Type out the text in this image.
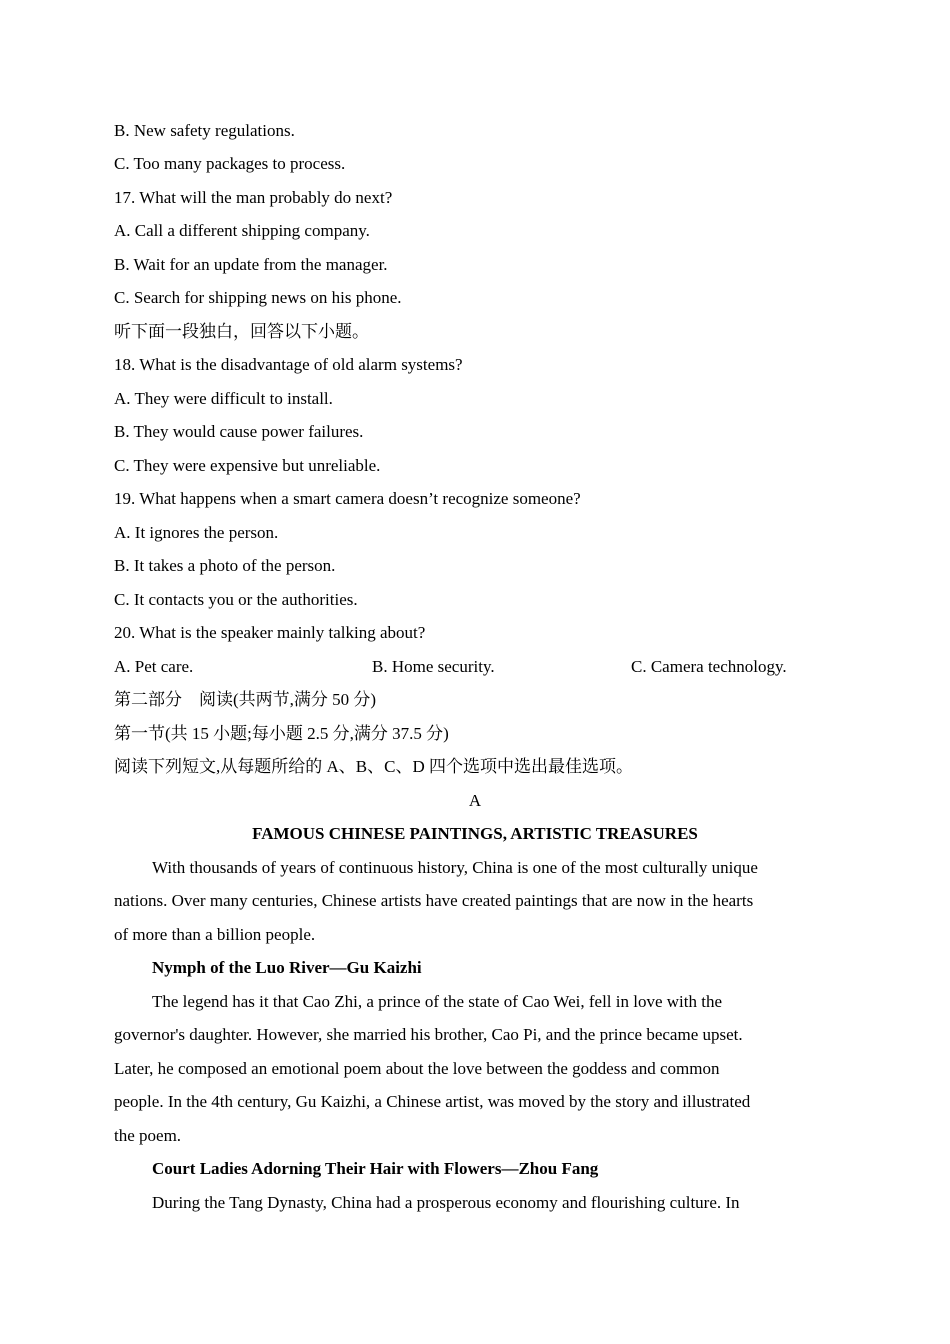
B. New safety regulations.
C. Too many packages to process.
17. What will the man probably do next?
A. Call a different shipping company.
B. Wait for an update from the manager.
C. Search for shipping news on his phone.
听下面一段独白，回答以下小题。
18. What is the disadvantage of old alarm systems?
A. They were difficult to install.
B. They would cause power failures.
C. They were expensive but unreliable.
19. What happens when a smart camera doesn’t recognize someone?
A. It ignores the person.
B. It takes a photo of the person.
C. It contacts you or the authorities.
20. What is the speaker mainly talking about?
A. Pet care.	B. Home security.	C. Camera technology.
第二部分　阅读(共两节,满分 50 分)
第一节(共 15 小题;每小题 2.5 分,满分 37.5 分)
阅读下列短文,从每题所给的 A、B、C、D 四个选项中选出最佳选项。
A
FAMOUS CHINESE PAINTINGS, ARTISTIC TREASURES
With thousands of years of continuous history, China is one of the most culturally unique
nations. Over many centuries, Chinese artists have created paintings that are now in the hearts
of more than a billion people.
Nymph of the Luo River—Gu Kaizhi
The legend has it that Cao Zhi, a prince of the state of Cao Wei, fell in love with the
governor's daughter. However, she married his brother, Cao Pi, and the prince became upset.
Later, he composed an emotional poem about the love between the goddess and common
people. In the 4th century, Gu Kaizhi, a Chinese artist, was moved by the story and illustrated
the poem.
Court Ladies Adorning Their Hair with Flowers—Zhou Fang
During the Tang Dynasty, China had a prosperous economy and flourishing culture. In
